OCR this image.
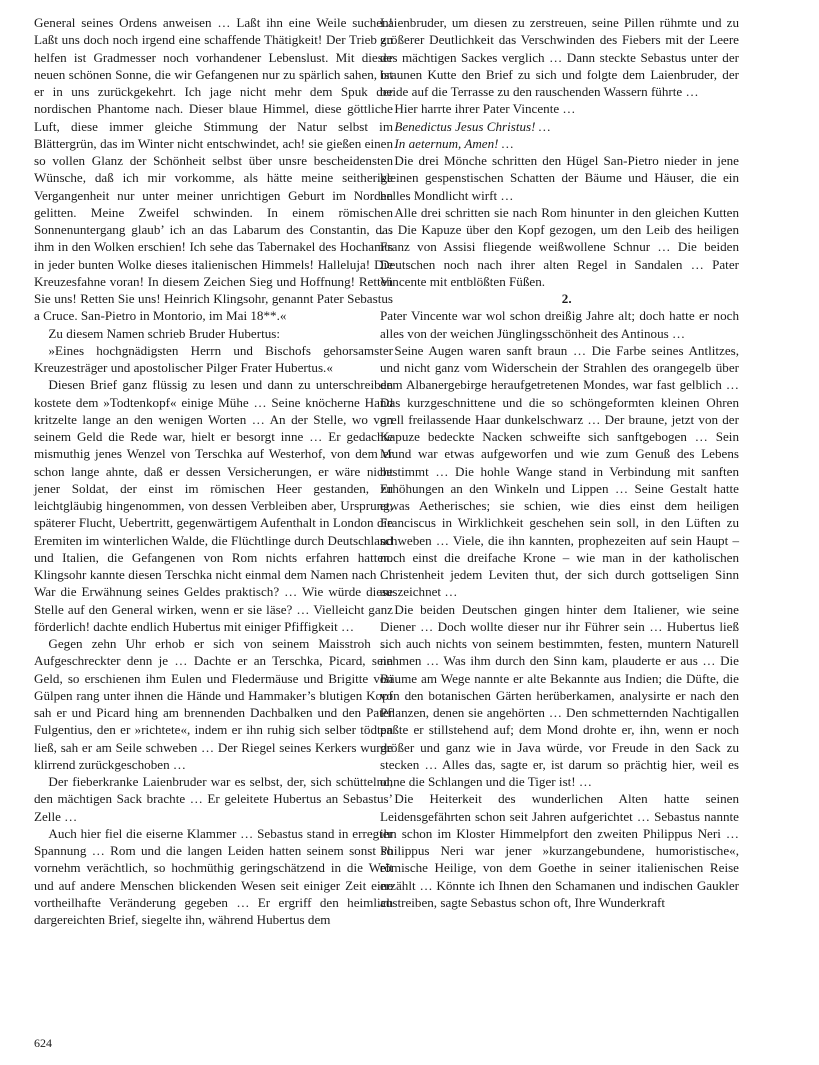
General seines Ordens anweisen … Laßt ihn eine Weile suchen! Laßt uns doch noch irgend eine schaffende Thätigkeit! Der Trieb zu helfen ist Gradmesser noch vorhandener Lebenslust. Mit dieser neuen schönen Sonne, die wir Gefangenen nur zu spärlich sahen, ist er in uns zurückgekehrt. Ich jage nicht mehr dem Spuk der nordischen Phantome nach. Dieser blaue Himmel, diese göttliche Luft, diese immer gleiche Stimmung der Natur selbst im Blättergrün, das im Winter nicht entschwindet, ach! sie gießen einen so vollen Glanz der Schönheit selbst über unsre bescheidensten Wünsche, daß ich mir vorkomme, als hätte meine seitherige Vergangenheit nur unter meiner unrichtigen Geburt im Norden gelitten. Meine Zweifel schwinden. In einem römischen Sonnenuntergang glaub’ ich an das Labarum des Constantin, das ihm in den Wolken erschien! Ich sehe das Tabernakel des Hochamts in jeder bunten Wolke dieses italienischen Himmels! Halleluja! Die Kreuzesfahne voran! In diesem Zeichen Sieg und Hoffnung! Retten Sie uns! Retten Sie uns! Heinrich Klingsohr, genannt Pater Sebastus a Cruce. San-Pietro in Montorio, im Mai 18**.«

Zu diesem Namen schrieb Bruder Hubertus:

»Eines hochgnädigsten Herrn und Bischofs gehorsamster Kreuzesträger und apostolischer Pilger Frater Hubertus.«

Diesen Brief ganz flüssig zu lesen und dann zu unterschreiben kostete dem »Todtenkopf« einige Mühe … Seine knöcherne Hand kritzelte lange an den wenigen Worten … An der Stelle, wo von seinem Geld die Rede war, hielt er besorgt inne … Er gedachte mismuthig jenes Wenzel von Terschka auf Westerhof, von dem er schon lange ahnte, daß er dessen Versicherungen, er wäre nicht jener Soldat, der einst im römischen Heer gestanden, zu leichtgläubig hingenommen, von dessen Verbleiben aber, Ursprung, späterer Flucht, Uebertritt, gegenwärtigem Aufenthalt in London die Eremiten im winterlichen Walde, die Flüchtlinge durch Deutschland und Italien, die Gefangenen von Rom nichts erfahren hatten. Klingsohr kannte diesen Terschka nicht einmal dem Namen nach … War die Erwähnung seines Geldes praktisch? … Wie würde diese Stelle auf den General wirken, wenn er sie läse? … Vielleicht ganz förderlich! dachte endlich Hubertus mit einiger Pfiffigkeit …

Gegen zehn Uhr erhob er sich von seinem Maisstroh … Aufgeschreckter denn je … Dachte er an Terschka, Picard, sein Geld, so erschienen ihm Eulen und Fledermäuse und Brigitte von Gülpen rang unter ihnen die Hände und Hammaker’s blutigen Kopf sah er und Picard hing am brennenden Dachbalken und den Pater Fulgentius, den er »richtete«, indem er ihn ruhig sich selber tödten ließ, sah er am Seile schweben … Der Riegel seines Kerkers wurde klirrend zurückgeschoben …

Der fieberkranke Laienbruder war es selbst, der, sich schüttelnd, den mächtigen Sack brachte … Er geleitete Hubertus an Sebastus’ Zelle …

Auch hier fiel die eiserne Klammer … Sebastus stand in erregter Spannung … Rom und die langen Leiden hatten seinem sonst so vornehm verächtlich, so hochmüthig geringschätzend in die Welt und auf andere Menschen blickenden Wesen seit einiger Zeit eine vortheilhafte Veränderung gegeben … Er ergriff den heimlich dargereichten Brief, siegelte ihn, während Hubertus dem

Laienbruder, um diesen zu zerstreuen, seine Pillen rühmte und zu größerer Deutlichkeit das Verschwinden des Fiebers mit der Leere des mächtigen Sackes verglich … Dann steckte Sebastus unter der braunen Kutte den Brief zu sich und folgte dem Laienbruder, der beide auf die Terrasse zu den rauschenden Wassern führte …

Hier harrte ihrer Pater Vincente …

Benedictus Jesus Christus! …

In aeternum, Amen! …

Die drei Mönche schritten den Hügel San-Pietro nieder in jene kleinen gespenstischen Schatten der Bäume und Häuser, die ein helles Mondlicht wirft …

Alle drei schritten sie nach Rom hinunter in den gleichen Kutten … Die Kapuze über den Kopf gezogen, um den Leib des heiligen Franz von Assisi fliegende weißwollene Schnur … Die beiden Deutschen noch nach ihrer alten Regel in Sandalen … Pater Vincente mit entblößten Füßen.

2.

Pater Vincente war wol schon dreißig Jahre alt; doch hatte er noch alles von der weichen Jünglingsschönheit des Antinous …

Seine Augen waren sanft braun … Die Farbe seines Antlitzes, und nicht ganz vom Widerschein der Strahlen des orangegelb über dem Albanergebirge heraufgetretenen Mondes, war fast gelblich … Das kurzgeschnittene und die so schöngeformten kleinen Ohren grell freilassende Haar dunkelschwarz … Der braune, jetzt von der Kapuze bedeckte Nacken schweifte sich sanftgebogen … Sein Mund war etwas aufgeworfen und wie zum Genuß des Lebens bestimmt … Die hohle Wange stand in Verbindung mit sanften Erhöhungen an den Winkeln und Lippen … Seine Gestalt hatte etwas Aetherisches; sie schien, wie dies einst dem heiligen Franciscus in Wirklichkeit geschehen sein soll, in den Lüften zu schweben … Viele, die ihn kannten, prophezeiten auf sein Haupt – noch einst die dreifache Krone – wie man in der katholischen Christenheit jedem Leviten thut, der sich durch gottseligen Sinn auszeichnet …

Die beiden Deutschen gingen hinter dem Italiener, wie seine Diener … Doch wollte dieser nur ihr Führer sein … Hubertus ließ sich auch nichts von seinem bestimmten, festen, muntern Naturell nehmen … Was ihm durch den Sinn kam, plauderte er aus … Die Bäume am Wege nannte er alte Bekannte aus Indien; die Düfte, die von den botanischen Gärten herüberkamen, analysirte er nach den Pflanzen, denen sie angehörten … Den schmetternden Nachtigallen paßte er stillstehend auf; dem Mond drohte er, ihn, wenn er noch größer und ganz wie in Java würde, vor Freude in den Sack zu stecken … Alles das, sagte er, ist darum so prächtig hier, weil es ohne die Schlangen und die Tiger ist! …

Die Heiterkeit des wunderlichen Alten hatte seinen Leidensgefährten schon seit Jahren aufgerichtet … Sebastus nannte ihn schon im Kloster Himmelpfort den zweiten Philippus Neri … Philippus Neri war jener »kurzangebundene, humoristische«, römische Heilige, von dem Goethe in seiner italienischen Reise erzählt … Könnte ich Ihnen den Schamanen und indischen Gaukler austreiben, sagte Sebastus schon oft, Ihre Wunderkraft

624
